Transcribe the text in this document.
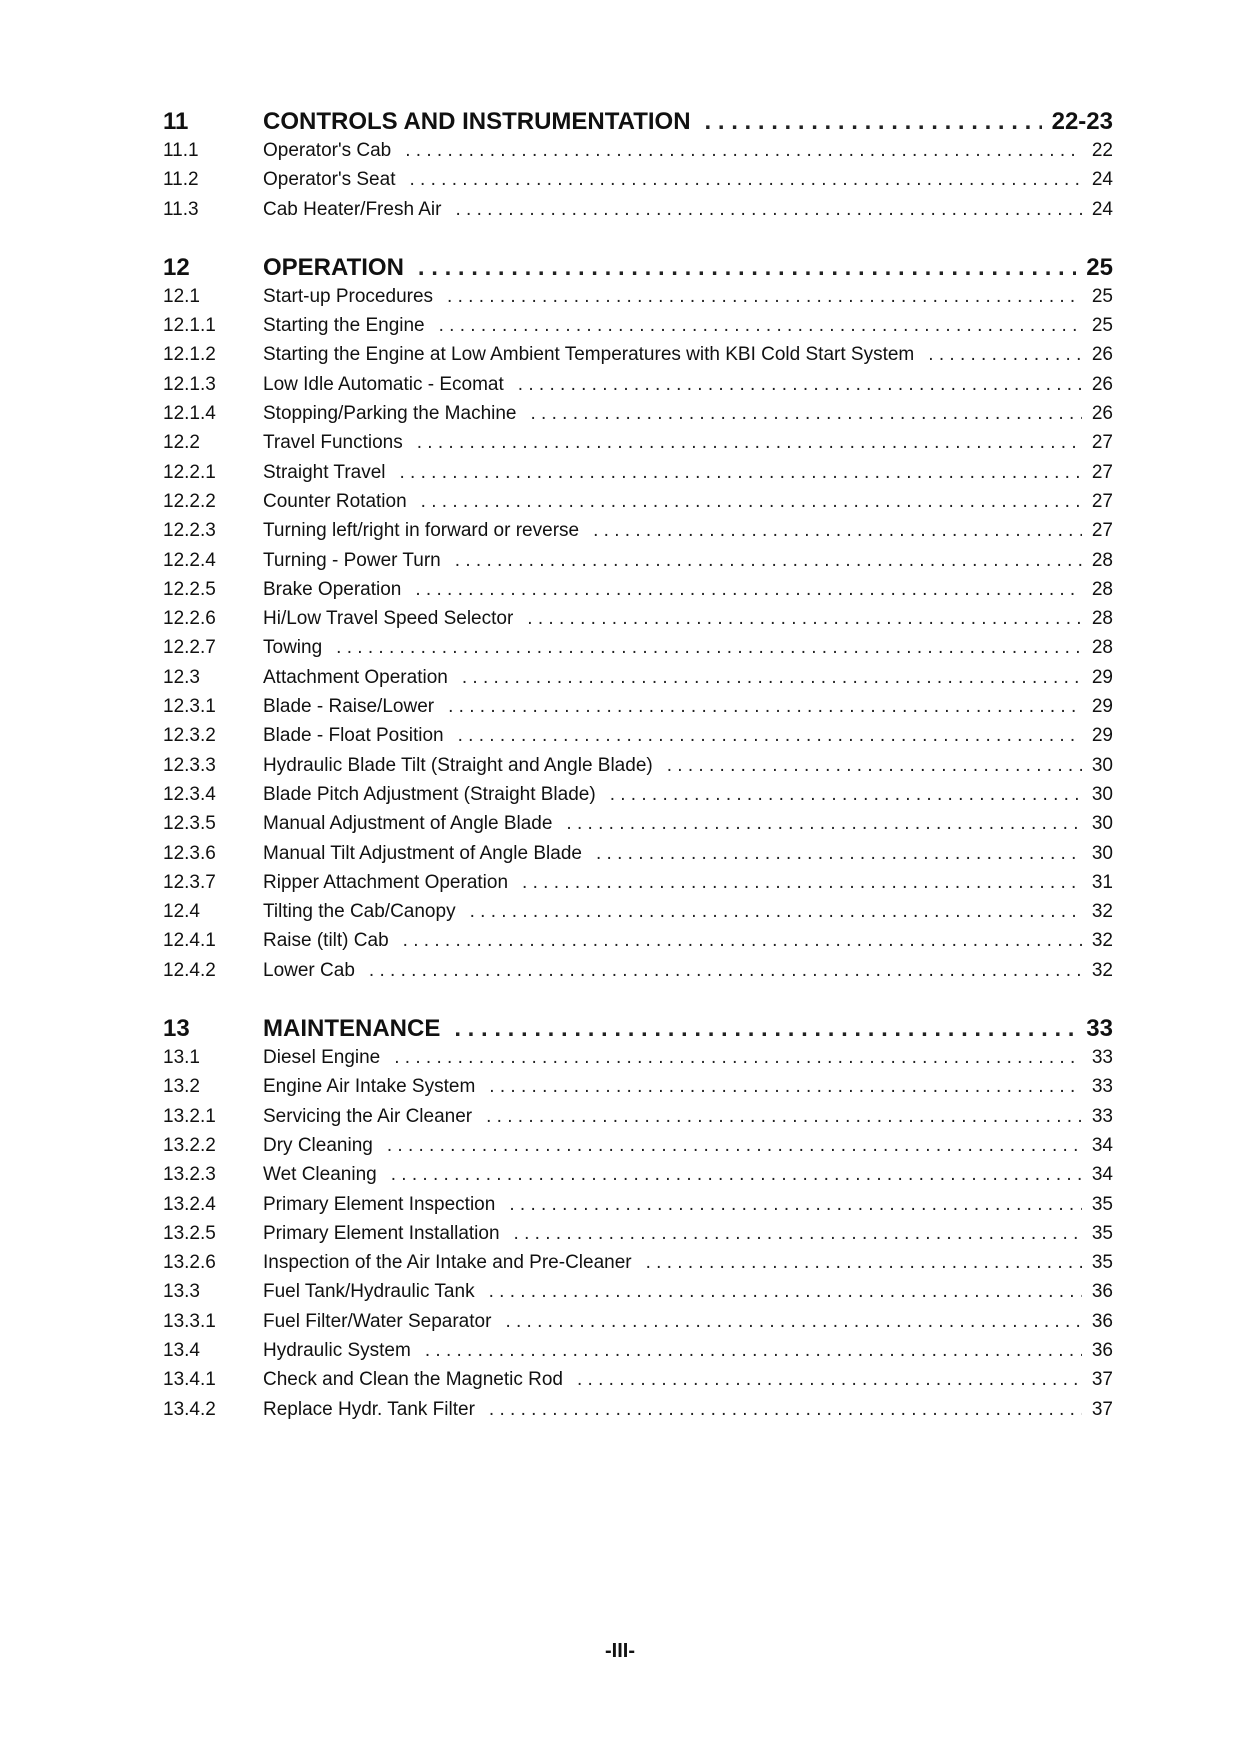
11	CONTROLS AND INSTRUMENTATION . . .	22-23
11.1	Operator's Cab . . .	22
11.2	Operator's Seat . . .	24
11.3	Cab Heater/Fresh Air . . .	24
12	OPERATION . . .	25
12.1	Start-up Procedures . . .	25
12.1.1	Starting the Engine . . .	25
12.1.2	Starting the Engine at Low Ambient Temperatures with KBI Cold Start System . . .	26
12.1.3	Low Idle Automatic - Ecomat . . .	26
12.1.4	Stopping/Parking the Machine . . .	26
12.2	Travel Functions . . .	27
12.2.1	Straight Travel . . .	27
12.2.2	Counter Rotation . . .	27
12.2.3	Turning left/right in forward or reverse . . .	27
12.2.4	Turning - Power Turn . . .	28
12.2.5	Brake Operation . . .	28
12.2.6	Hi/Low Travel Speed Selector . . .	28
12.2.7	Towing . . .	28
12.3	Attachment Operation . . .	29
12.3.1	Blade - Raise/Lower . . .	29
12.3.2	Blade - Float Position . . .	29
12.3.3	Hydraulic Blade Tilt (Straight and Angle Blade) . . .	30
12.3.4	Blade Pitch Adjustment (Straight Blade) . . .	30
12.3.5	Manual Adjustment of Angle Blade . . .	30
12.3.6	Manual Tilt Adjustment of Angle Blade . . .	30
12.3.7	Ripper Attachment Operation . . .	31
12.4	Tilting the Cab/Canopy . . .	32
12.4.1	Raise (tilt) Cab . . .	32
12.4.2	Lower Cab . . .	32
13	MAINTENANCE . . .	33
13.1	Diesel Engine . . .	33
13.2	Engine Air Intake System . . .	33
13.2.1	Servicing the Air Cleaner . . .	33
13.2.2	Dry Cleaning . . .	34
13.2.3	Wet Cleaning . . .	34
13.2.4	Primary Element Inspection . . .	35
13.2.5	Primary Element Installation . . .	35
13.2.6	Inspection of the Air Intake and Pre-Cleaner . . .	35
13.3	Fuel Tank/Hydraulic Tank . . .	36
13.3.1	Fuel Filter/Water Separator . . .	36
13.4	Hydraulic System . . .	36
13.4.1	Check and Clean the Magnetic Rod . . .	37
13.4.2	Replace Hydr. Tank Filter . . .	37
-III-
